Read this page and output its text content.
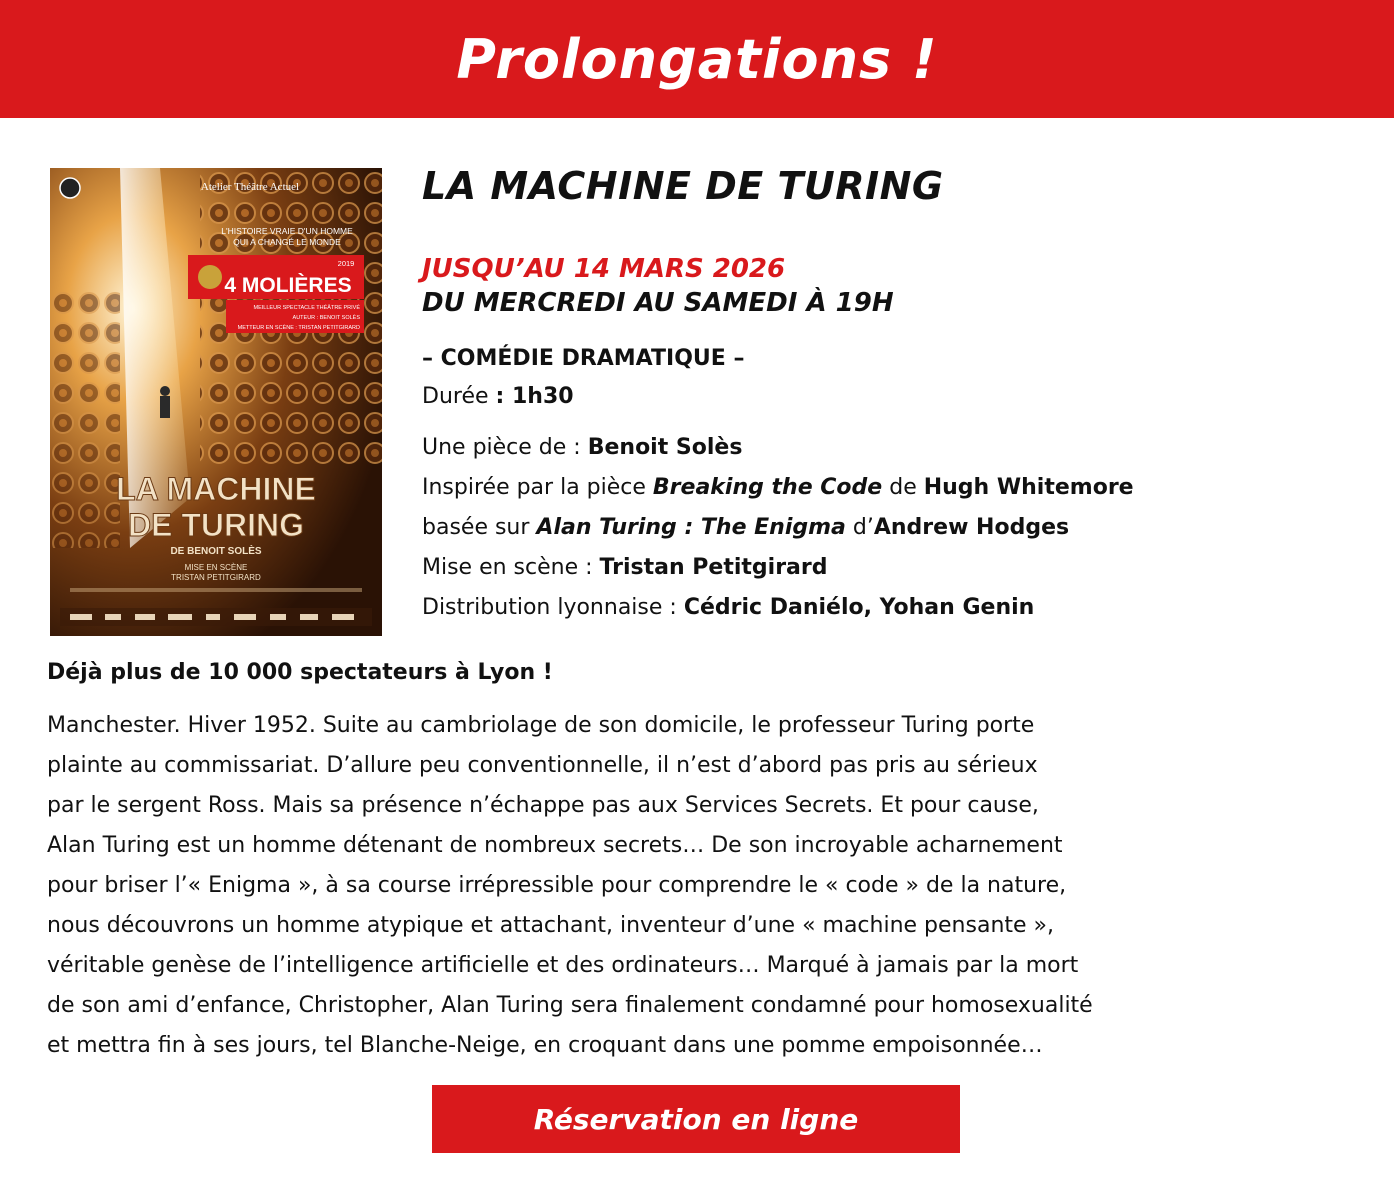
Prolongations !
Atelier Théâtre Actuel
L'HISTOIRE VRAIE D'UN HOMME
QUI A CHANGÉ LE MONDE
2019
4 MOLIÈRES
MEILLEUR SPECTACLE THÉÂTRE PRIVÉ
AUTEUR : BENOIT SOLÈS
METTEUR EN SCÈNE : TRISTAN PETITGIRARD
LA MACHINE
DE TURING
DE BENOIT SOLÈS
MISE EN SCÈNE
TRISTAN PETITGIRARD
LA MACHINE DE TURING
JUSQU’AU 14 MARS 2026
DU MERCREDI AU SAMEDI À 19H
– COMÉDIE DRAMATIQUE –
Durée : 1h30
Une pièce de : Benoit Solès
Inspirée par la pièce Breaking the Code de Hugh Whitemore
basée sur Alan Turing : The Enigma d’Andrew Hodges
Mise en scène : Tristan Petitgirard
Distribution lyonnaise : Cédric Daniélo, Yohan Genin
Déjà plus de 10 000 spectateurs à Lyon !
Manchester. Hiver 1952. Suite au cambriolage de son domicile, le professeur Turing porte
plainte au commissariat. D’allure peu conventionnelle, il n’est d’abord pas pris au sérieux
par le sergent Ross. Mais sa présence n’échappe pas aux Services Secrets. Et pour cause,
Alan Turing est un homme détenant de nombreux secrets… De son incroyable acharnement
pour briser l’« Enigma », à sa course irrépressible pour comprendre le « code » de la nature,
nous découvrons un homme atypique et attachant, inventeur d’une « machine pensante »,
véritable genèse de l’intelligence artificielle et des ordinateurs… Marqué à jamais par la mort
de son ami d’enfance, Christopher, Alan Turing sera finalement condamné pour homosexualité
et mettra fin à ses jours, tel Blanche-Neige, en croquant dans une pomme empoisonnée…
Réservation en ligne
